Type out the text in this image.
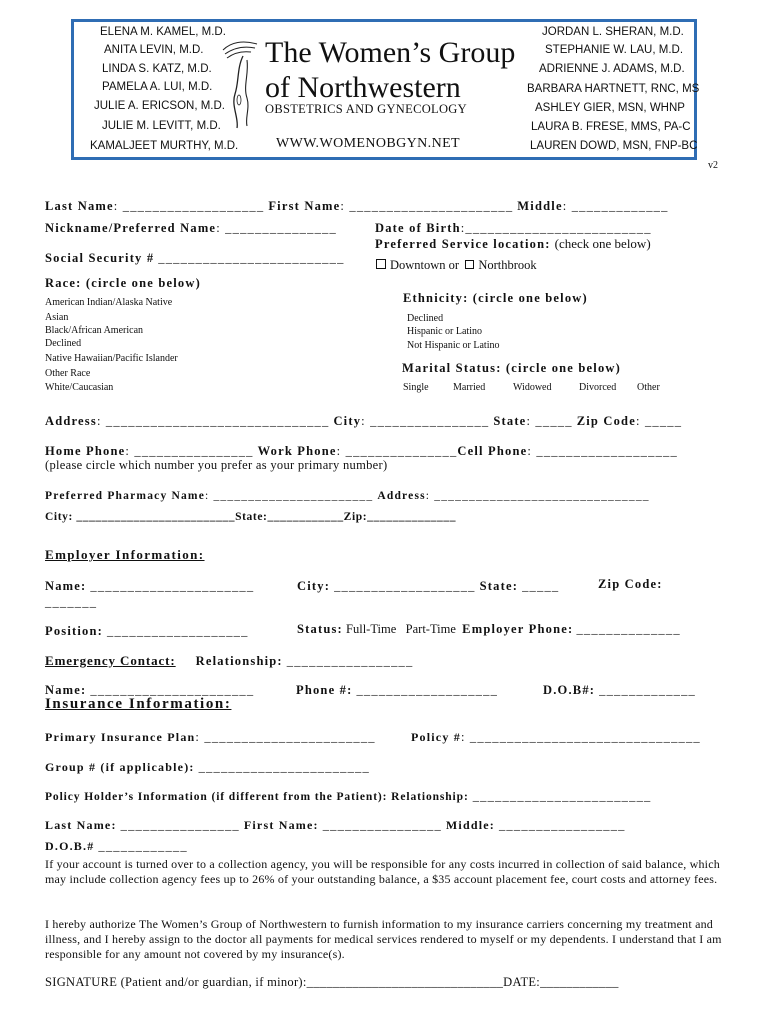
ELENA M. KAMEL, M.D.
ANITA LEVIN, M.D.
LINDA S. KATZ, M.D.
PAMELA A. LUI, M.D.
JULIE A. ERICSON, M.D.
JULIE M. LEVITT, M.D.
KAMALJEET MURTHY, M.D.
JORDAN L. SHERAN, M.D.
STEPHANIE W. LAU, M.D.
ADRIENNE J. ADAMS, M.D.
BARBARA HARTNETT, RNC, MS
ASHLEY GIER, MSN, WHNP
LAURA B. FRESE, MMS, PA-C
LAUREN DOWD, MSN, FNP-BC
The Women’s Group
of Northwestern
OBSTETRICS AND GYNECOLOGY
WWW.WOMENOBGYN.NET
v2
Last Name: ___________________ First Name: ______________________ Middle: _____________
Nickname/Preferred Name: _______________	Date of Birth:_________________________
Preferred Service location: (check one below)
Social Security # _________________________	Downtown or Northbrook
Race: (circle one below)
American Indian/Alaska Native
Asian
Black/African American
Declined
Native Hawaiian/Pacific Islander
Other Race
White/Caucasian
Ethnicity: (circle one below)
Declined
Hispanic or Latino
Not Hispanic or Latino
Marital Status: (circle one below)
Single Married	Widowed	Divorced Other
Address: ______________________________ City: ________________ State: _____ Zip Code: _____
Home Phone: ________________ Work Phone: _______________Cell Phone: ___________________
(please circle which number you prefer as your primary number)
Preferred Pharmacy Name: _______________________ Address: _______________________________
City: _________________________State:____________Zip:______________
Employer Information:
Name: ______________________	City: ___________________ State: _____	Zip Code:
_______
Position: ___________________	Status: Full-Time Part-Time Employer Phone: ______________
Emergency Contact: Relationship: _________________
Name: ______________________	Phone #: ___________________	D.O.B#: _____________
Insurance Information:
Primary Insurance Plan: _______________________	Policy #: _______________________________
Group # (if applicable): _______________________
Policy Holder’s Information (if different from the Patient): Relationship: ________________________
Last Name: ________________ First Name: ________________ Middle: _________________
D.O.B.# ____________
If your account is turned over to a collection agency, you will be responsible for any costs incurred in collection of said balance, which may include collection agency fees up to 26% of your outstanding balance, a $35 account placement fee, court costs and attorney fees.
I hereby authorize The Women’s Group of Northwestern to furnish information to my insurance carriers concerning my treatment and illness, and I hereby assign to the doctor all payments for medical services rendered to myself or my dependents. I understand that I am responsible for any amount not covered by my insurance(s).
SIGNATURE (Patient and/or guardian, if minor):______________________________DATE:____________
